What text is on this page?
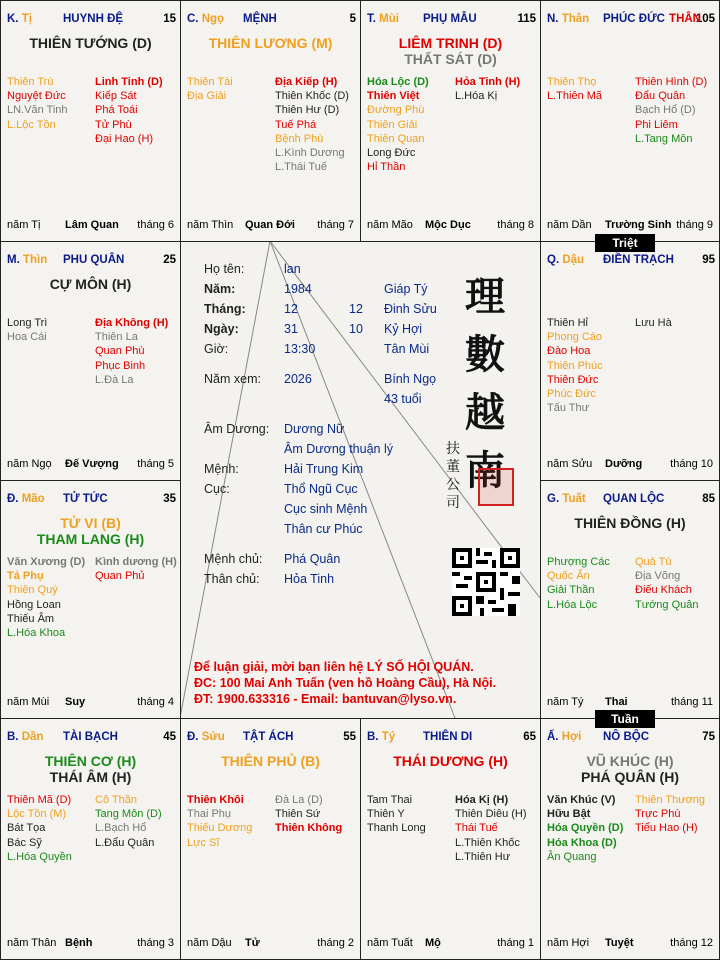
K. Tị	HUYNH ĐỆ	15
THIÊN TƯỚNG (D)
Thiên Trù
Nguyệt Đức
LN.Văn Tinh
L.Lộc Tồn
Linh Tinh (D)
Kiếp Sát
Phá Toái
Tử Phù
Đại Hao (H)
năm Tị Lâm Quan tháng 6
C. Ngọ MỆNH	5
THIÊN LƯƠNG (M)
Thiên Tài
Địa Giải
Địa Kiếp (H)
Thiên Khốc (D)
Thiên Hư (D)
Tuế Phá
Bệnh Phù
L.Kình Dương
L.Thái Tuế
năm Thìn Quan Đới tháng 7
T. Mùi PHỤ MẪU	115
LIÊM TRINH (D)
THẤT SÁT (D)
Hóa Lộc (D)
Thiên Việt
Đường Phù
Thiên Giải
Thiên Quan
Long Đức
Hỉ Thần
Hỏa Tinh (H)
L.Hóa Kị
năm Mão Mộc Dục tháng 8
N. Thân PHÚC ĐỨC	105
THÂN
Thiên Thọ
L.Thiên Mã
Thiên Hình (D)
Đẩu Quân
Bạch Hổ (D)
Phi Liêm
L.Tang Môn
năm Dần Trường Sinh tháng 9
M. Thìn PHU QUÂN	25
CỰ MÔN (H)
Long Trì
Hoa Cái
Địa Không (H)
Thiên La
Quan Phù
Phục Binh
L.Đà La
năm Ngọ Đế Vượng tháng 5
Q. Dậu ĐIỀN TRẠCH 95
Thiên Hỉ
Phong Cáo
Đào Hoa
Thiên Phúc
Thiên Đức
Phúc Đức
Tấu Thư
Lưu Hà
năm Sửu Dưỡng	tháng 10
Đ. Mão TỬ TỨC	35
TỬ VI (B)
THAM LANG (H)
Văn Xương (D)
Tả Phụ
Thiên Quý
Hồng Loan
Thiếu Âm
L.Hóa Khoa
Kình dương (H)
Quan Phủ
năm Mùi Suy	tháng 4
G. Tuất QUAN LỘC	85
THIÊN ĐỒNG (H)
Phượng Các
Quốc Ấn
Giải Thần
L.Hóa Lộc
Quả Tú
Địa Võng
Điếu Khách
Tướng Quân
năm Tý Thai	tháng 11
B. Dần TÀI BẠCH	45
THIÊN CƠ (H)
THÁI ÂM (H)
Thiên Mã (D)
Lộc Tồn (M)
Bát Tọa
Bác Sỹ
L.Hóa Quyền
Cô Thần
Tang Môn (D)
L.Bạch Hổ
L.Đẩu Quân
năm Thân Bệnh	tháng 3
Đ. Sửu TẬT ÁCH	55
THIÊN PHỦ (B)
Thiên Khôi
Thai Phụ
Thiếu Dương
Lực Sĩ
Đà La (D)
Thiên Sứ
Thiên Không
năm Dậu Tử	tháng 2
B. Tý THIÊN DI	65
THÁI DƯƠNG (H)
Tam Thai
Thiên Y
Thanh Long
Hóa Kị (H)
Thiên Diêu (H)
Thái Tuế
L.Thiên Khốc
L.Thiên Hư
năm Tuất Mộ	tháng 1
Ấ. Hợi NÔ BỘC	75
VŨ KHÚC (H)
PHÁ QUÂN (H)
Văn Khúc (V)
Hữu Bật
Hóa Quyền (D)
Hóa Khoa (D)
Ân Quang
Thiên Thương
Trực Phù
Tiểu Hao (H)
năm Hợi Tuyệt	tháng 12
Triệt
Tuần
Họ tên:	lan
Năm:	1984	Giáp Tý
Tháng:	12	12 Đinh Sửu
Ngày:	31	10 Kỷ Hợi
Giờ:	13:30	Tân Mùi
Năm xem: 2026	Bính Ngọ
43 tuổi
Âm Dương: Dương Nữ
Âm Dương thuận lý
Mệnh:	Hải Trung Kim
Cục:	Thổ Ngũ Cục
Cục sinh Mệnh
Thân cư Phúc
Mệnh chủ: Phá Quân
Thân chủ: Hỏa Tinh
理數越南
扶董公司
Để luận giải, mời bạn liên hệ LÝ SỐ HỘI QUÁN.
ĐC: 100 Mai Anh Tuấn (ven hồ Hoàng Cầu), Hà Nội.
ĐT: 1900.633316 - Email: bantuvan@lyso.vn.
